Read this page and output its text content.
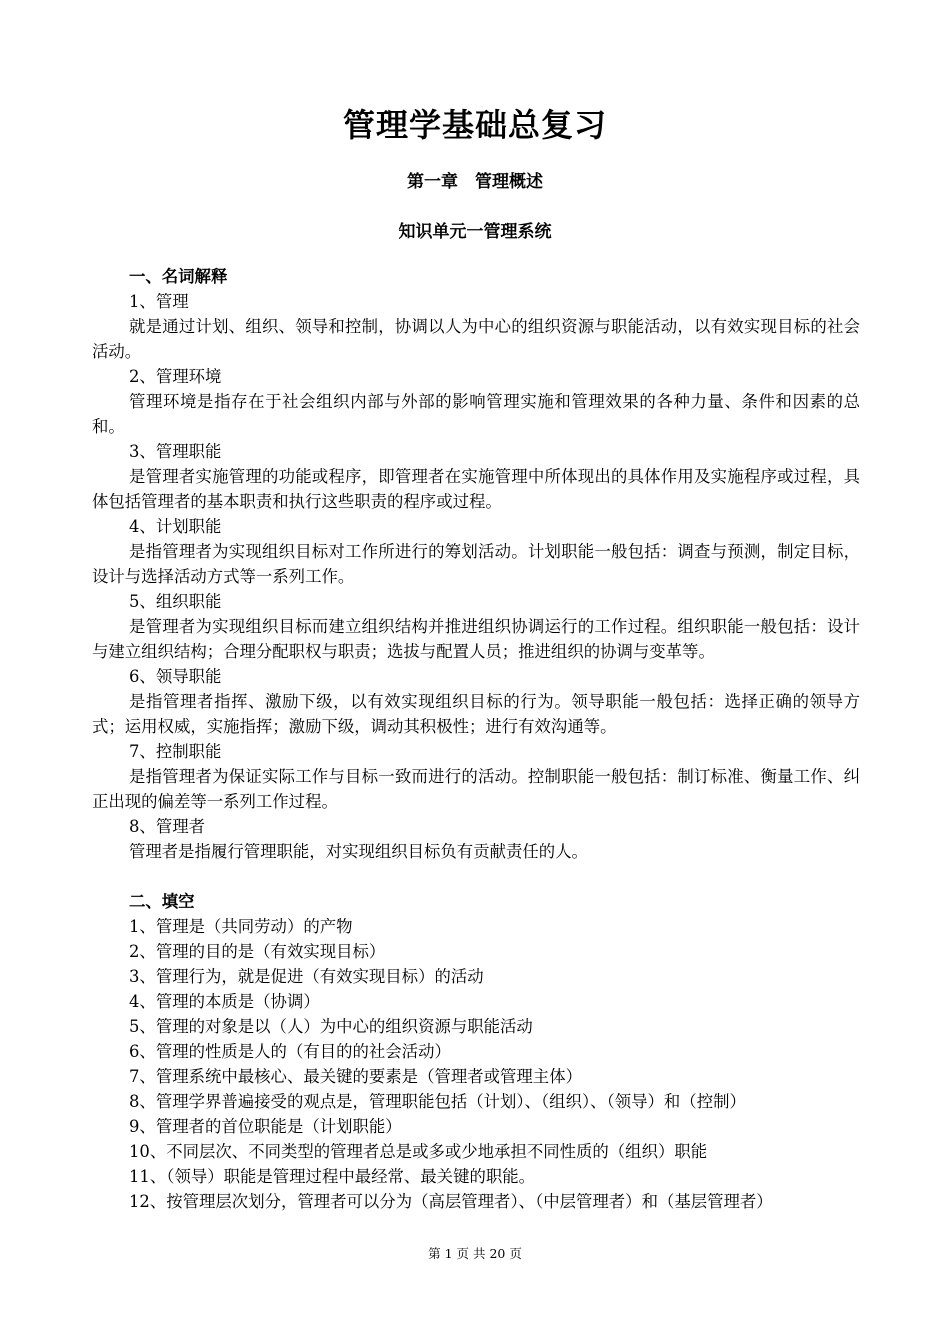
管理学基础总复习
第一章　管理概述
知识单元一管理系统
一、名词解释
1、管理
就是通过计划、组织、领导和控制，协调以人为中心的组织资源与职能活动，以有效实现目标的社会活动。
2、管理环境
管理环境是指存在于社会组织内部与外部的影响管理实施和管理效果的各种力量、条件和因素的总和。
3、管理职能
是管理者实施管理的功能或程序，即管理者在实施管理中所体现出的具体作用及实施程序或过程，具体包括管理者的基本职责和执行这些职责的程序或过程。
4、计划职能
是指管理者为实现组织目标对工作所进行的筹划活动。计划职能一般包括：调查与预测，制定目标，设计与选择活动方式等一系列工作。
5、组织职能
是管理者为实现组织目标而建立组织结构并推进组织协调运行的工作过程。组织职能一般包括：设计与建立组织结构；合理分配职权与职责；选拔与配置人员；推进组织的协调与变革等。
6、领导职能
是指管理者指挥、激励下级，以有效实现组织目标的行为。领导职能一般包括：选择正确的领导方式；运用权威，实施指挥；激励下级，调动其积极性；进行有效沟通等。
7、控制职能
是指管理者为保证实际工作与目标一致而进行的活动。控制职能一般包括：制订标准、衡量工作、纠正出现的偏差等一系列工作过程。
8、管理者
管理者是指履行管理职能，对实现组织目标负有贡献责任的人。
二、填空
1、管理是（共同劳动）的产物
2、管理的目的是（有效实现目标）
3、管理行为，就是促进（有效实现目标）的活动
4、管理的本质是（协调）
5、管理的对象是以（人）为中心的组织资源与职能活动
6、管理的性质是人的（有目的的社会活动）
7、管理系统中最核心、最关键的要素是（管理者或管理主体）
8、管理学界普遍接受的观点是，管理职能包括（计划）、（组织）、（领导）和（控制）
9、管理者的首位职能是（计划职能）
10、不同层次、不同类型的管理者总是或多或少地承担不同性质的（组织）职能
11、（领导）职能是管理过程中最经常、最关键的职能。
12、按管理层次划分，管理者可以分为（高层管理者）、（中层管理者）和（基层管理者）
第 1 页 共 20 页
